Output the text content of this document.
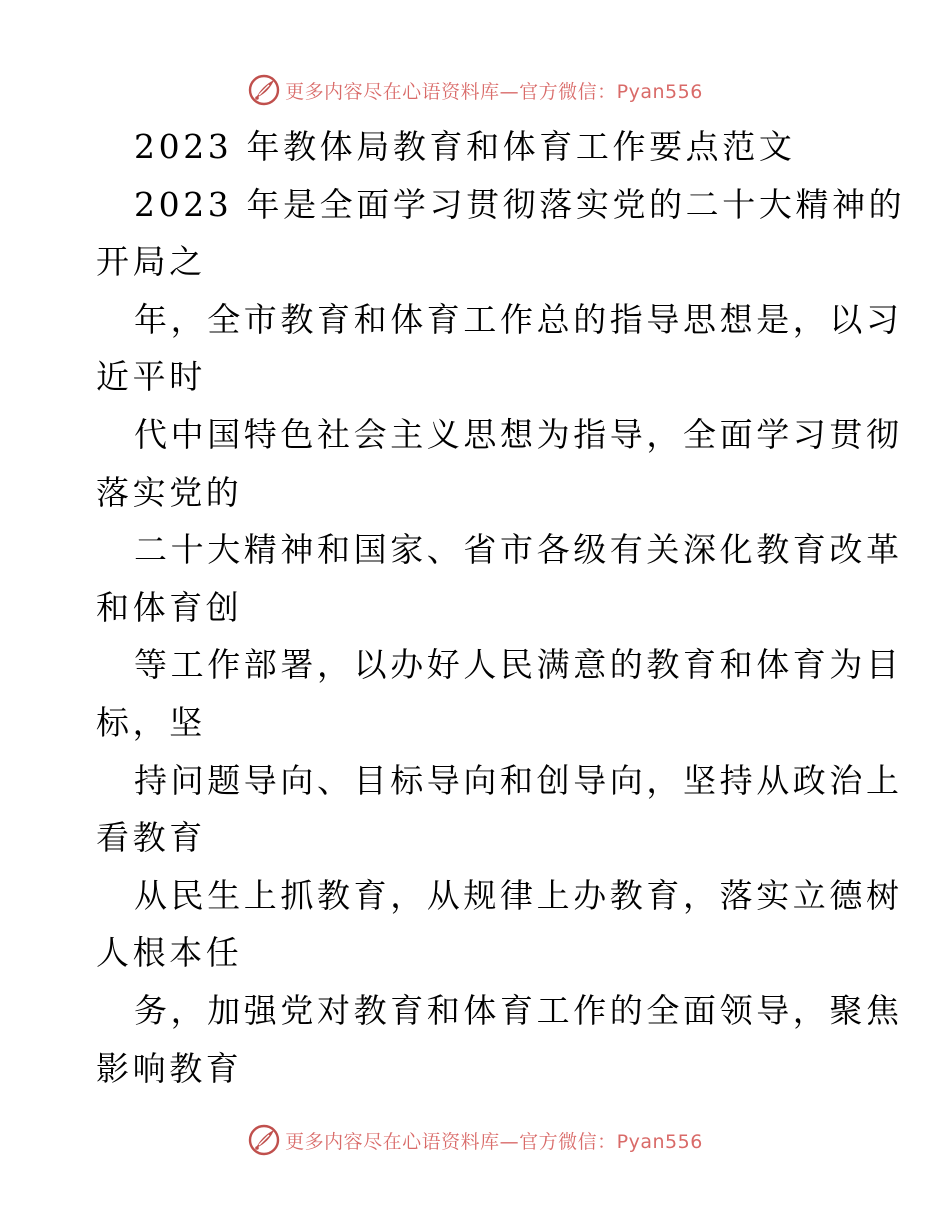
更多内容尽在心语资料库—官方微信：Pyan556
2023 年教体局教育和体育工作要点范文
2023 年是全面学习贯彻落实党的二十大精神的
开局之
年，全市教育和体育工作总的指导思想是，以习
近平时
代中国特色社会主义思想为指导，全面学习贯彻
落实党的
二十大精神和国家、省市各级有关深化教育改革
和体育创
等工作部署，以办好人民满意的教育和体育为目
标，坚
持问题导向、目标导向和创导向，坚持从政治上
看教育
从民生上抓教育，从规律上办教育，落实立德树
人根本任
务，加强党对教育和体育工作的全面领导，聚焦
影响教育
更多内容尽在心语资料库—官方微信：Pyan556
